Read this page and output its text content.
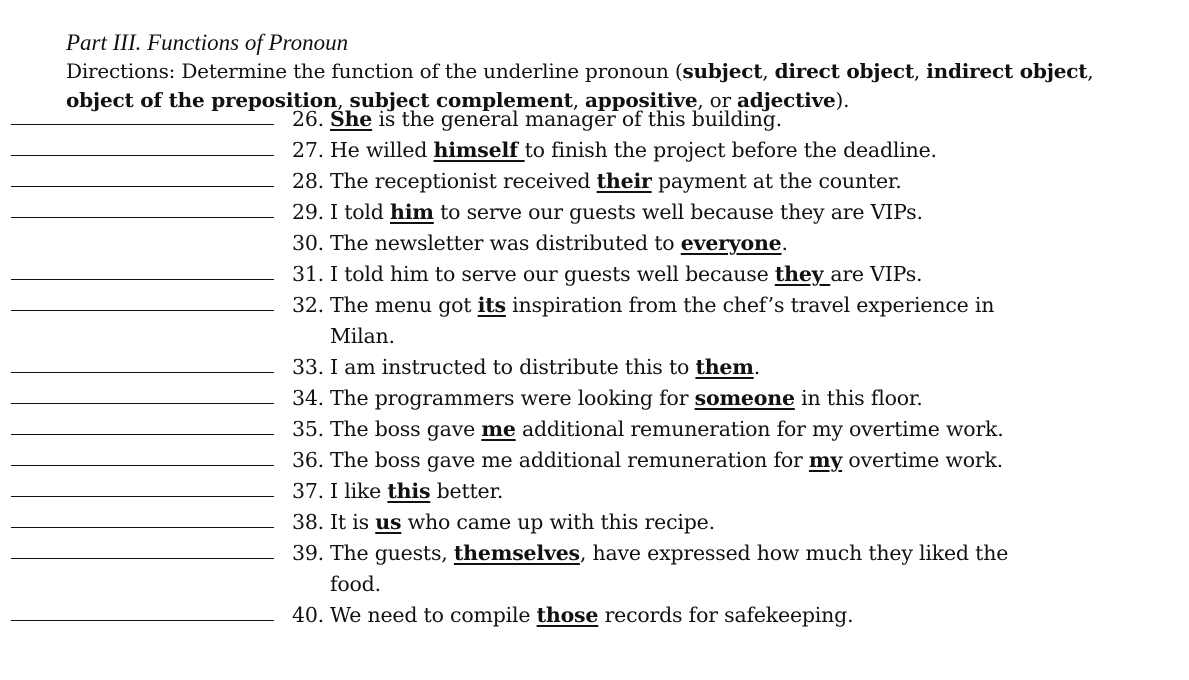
Part III. Functions of Pronoun
Directions: Determine the function of the underline pronoun (subject, direct object, indirect object, object of the preposition, subject complement, appositive, or adjective).
26. She is the general manager of this building.
27. He willed himself to finish the project before the deadline.
28. The receptionist received their payment at the counter.
29. I told him to serve our guests well because they are VIPs.
30. The newsletter was distributed to everyone.
31. I told him to serve our guests well because they are VIPs.
32. The menu got its inspiration from the chef’s travel experience in
Milan.
33. I am instructed to distribute this to them.
34. The programmers were looking for someone in this floor.
35. The boss gave me additional remuneration for my overtime work.
36. The boss gave me additional remuneration for my overtime work.
37. I like this better.
38. It is us who came up with this recipe.
39. The guests, themselves, have expressed how much they liked the
food.
40. We need to compile those records for safekeeping.
